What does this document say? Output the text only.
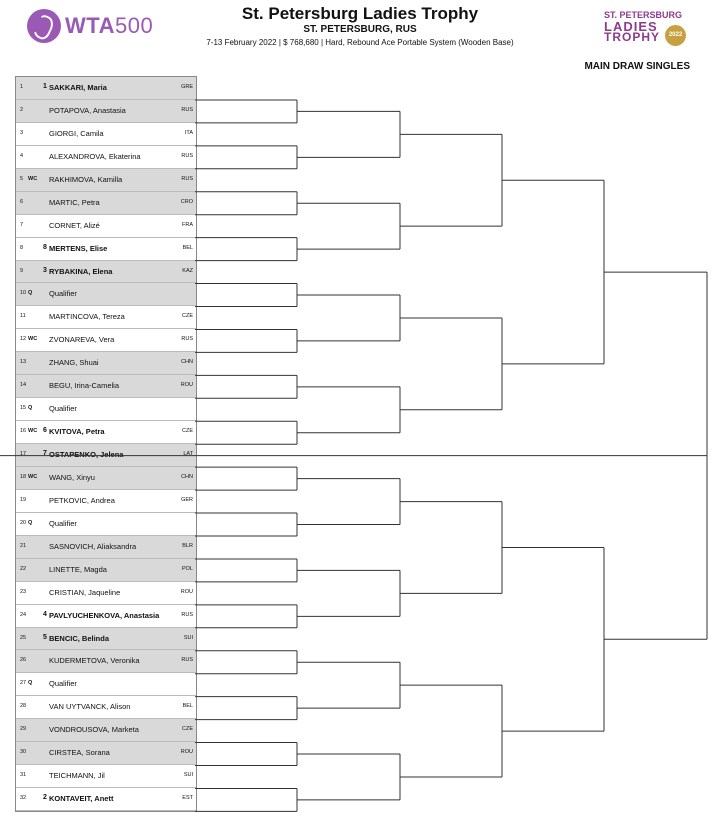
WTA500	St. Petersburg Ladies Trophy
ST. PETERSBURG, RUS
7-13 February 2022 | $ 768,680 | Hard, Rebound Ace Portable System (Wooden Base)
ST. PETERSBURG
LADIES
TROPHY	2022
MAIN DRAW SINGLES
1	1 SAKKARI, Maria	GRE
2	POTAPOVA, Anastasia	RUS
3	GIORGI, Camila	ITA
4	ALEXANDROVA, Ekaterina	RUS
5 WC RAKHIMOVA, Kamilla	RUS
6	MARTIC, Petra	CRO
7	CORNET, Alizé	FRA
8	8 MERTENS, Elise	BEL
9	3 RYBAKINA, Elena	KAZ
10 Q Qualifier
11	MARTINCOVA, Tereza	CZE
12 WC ZVONAREVA, Vera	RUS
13	ZHANG, Shuai	CHN
14	BEGU, Irina-Camelia	ROU
15 Q Qualifier
16 WC 6 KVITOVA, Petra	CZE
17 7 OSTAPENKO, Jelena	LAT
18 WC WANG, Xinyu	CHN
19	PETKOVIC, Andrea	GER
20 Q Qualifier
21	SASNOVICH, Aliaksandra	BLR
22	LINETTE, Magda	POL
23	CRISTIAN, Jaqueline	ROU
24 4 PAVLYUCHENKOVA, Anastasia	RUS
25 5 BENCIC, Belinda	SUI
26	KUDERMETOVA, Veronika	RUS
27 Q Qualifier
28	VAN UYTVANCK, Alison	BEL
29	VONDROUSOVA, Marketa	CZE
30	CIRSTEA, Sorana	ROU
31	TEICHMANN, Jil	SUI
32 2 KONTAVEIT, Anett	EST
